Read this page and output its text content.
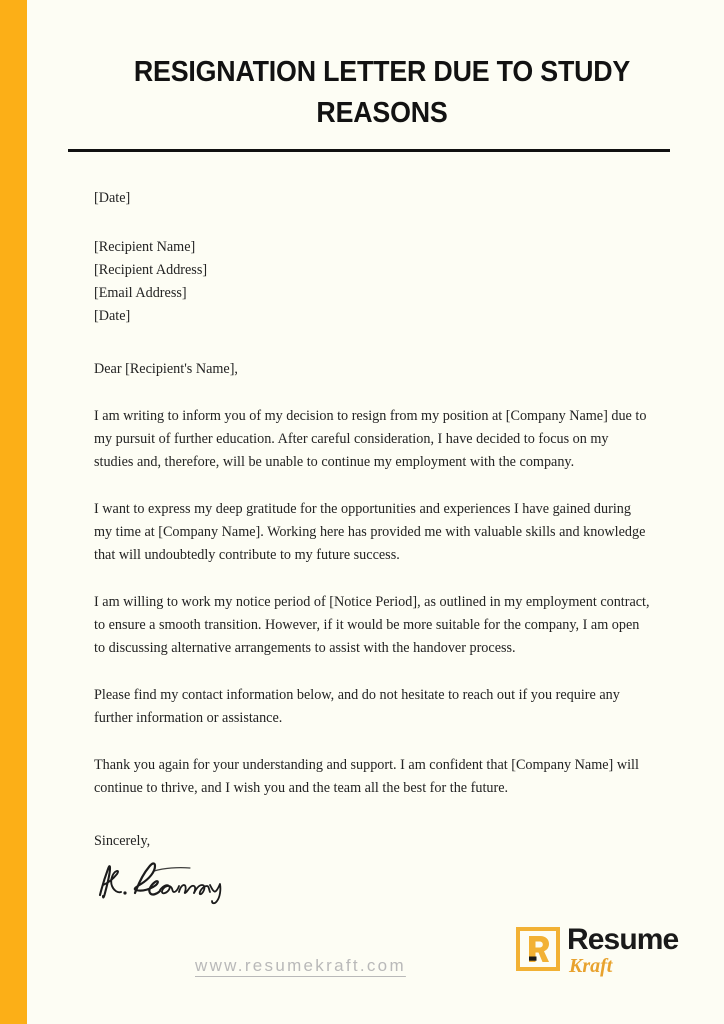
RESIGNATION LETTER DUE TO STUDY REASONS

[Date]

[Recipient Name]
[Recipient Address]
[Email Address]
[Date]

Dear [Recipient's Name],

I am writing to inform you of my decision to resign from my position at [Company Name] due to my pursuit of further education. After careful consideration, I have decided to focus on my studies and, therefore, will be unable to continue my employment with the company.

I want to express my deep gratitude for the opportunities and experiences I have gained during my time at [Company Name]. Working here has provided me with valuable skills and knowledge that will undoubtedly contribute to my future success.

I am willing to work my notice period of [Notice Period], as outlined in my employment contract, to ensure a smooth transition. However, if it would be more suitable for the company, I am open to discussing alternative arrangements to assist with the handover process.

Please find my contact information below, and do not hesitate to reach out if you require any further information or assistance.

Thank you again for your understanding and support. I am confident that [Company Name] will continue to thrive, and I wish you and the team all the best for the future.

Sincerely,

www.resumekraft.com
Resume
Kraft
